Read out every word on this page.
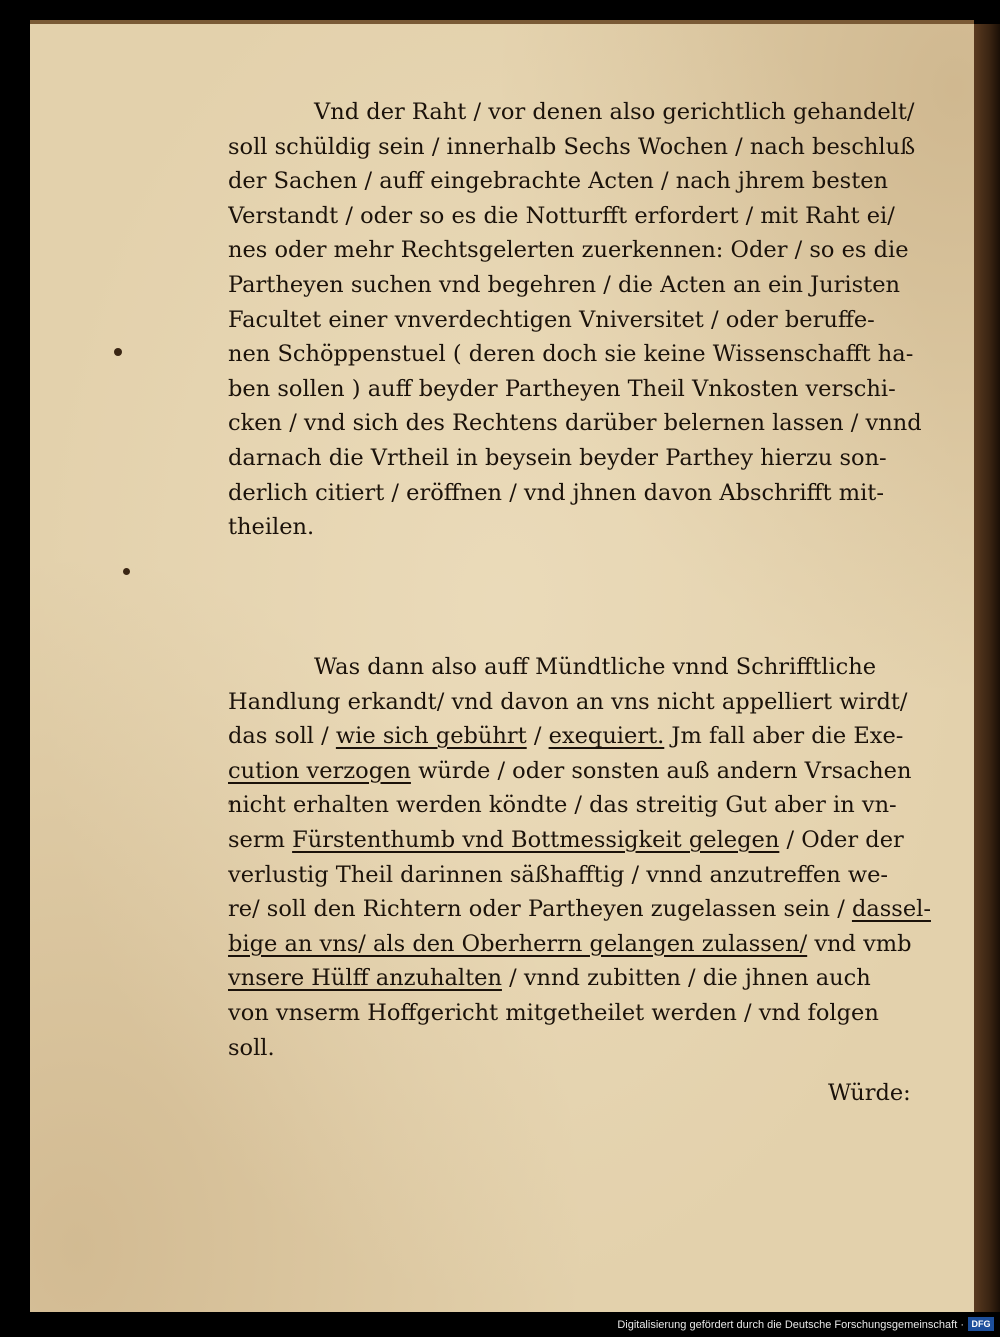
Vnd der Raht / vor denen also gerichtlich gehandelt/
soll schüldig sein / innerhalb Sechs Wochen / nach beschluß
der Sachen / auff eingebrachte Acten / nach jhrem besten
Verstandt / oder so es die Notturfft erfordert / mit Raht ei/
nes oder mehr Rechtsgelerten zuerkennen: Oder / so es die
Partheyen suchen vnd begehren / die Acten an ein Juristen
Facultet einer vnverdechtigen Vniversitet / oder beruffe-
nen Schöppenstuel ( deren doch sie keine Wissenschafft ha-
ben sollen ) auff beyder Partheyen Theil Vnkosten verschi-
cken / vnd sich des Rechtens darüber belernen lassen / vnnd
darnach die Vrtheil in beysein beyder Parthey hierzu son-
derlich citiert / eröffnen / vnd jhnen davon Abschrifft mit-
theilen.
Was dann also auff Mündtliche vnnd Schrifftliche
Handlung erkandt/ vnd davon an vns nicht appelliert wirdt/
das soll / wie sich gebührt / exequiert. Jm fall aber die Exe-
cution verzogen würde / oder sonsten auß andern Vrsachen
nicht erhalten werden köndte / das streitig Gut aber in vn-
serm Fürstenthumb vnd Bottmessigkeit gelegen / Oder der
verlustig Theil darinnen säßhafftig / vnnd anzutreffen we-
re/ soll den Richtern oder Partheyen zugelassen sein / dassel-
bige an vns/ als den Oberherrn gelangen zulassen/ vnd vmb
vnsere Hülff anzuhalten / vnnd zubitten / die jhnen auch
von vnserm Hoffgericht mitgetheilet werden / vnd folgen
soll.
Würde:
Digitalisierung gefördert durch die Deutsche Forschungsgemeinschaft · DFG
